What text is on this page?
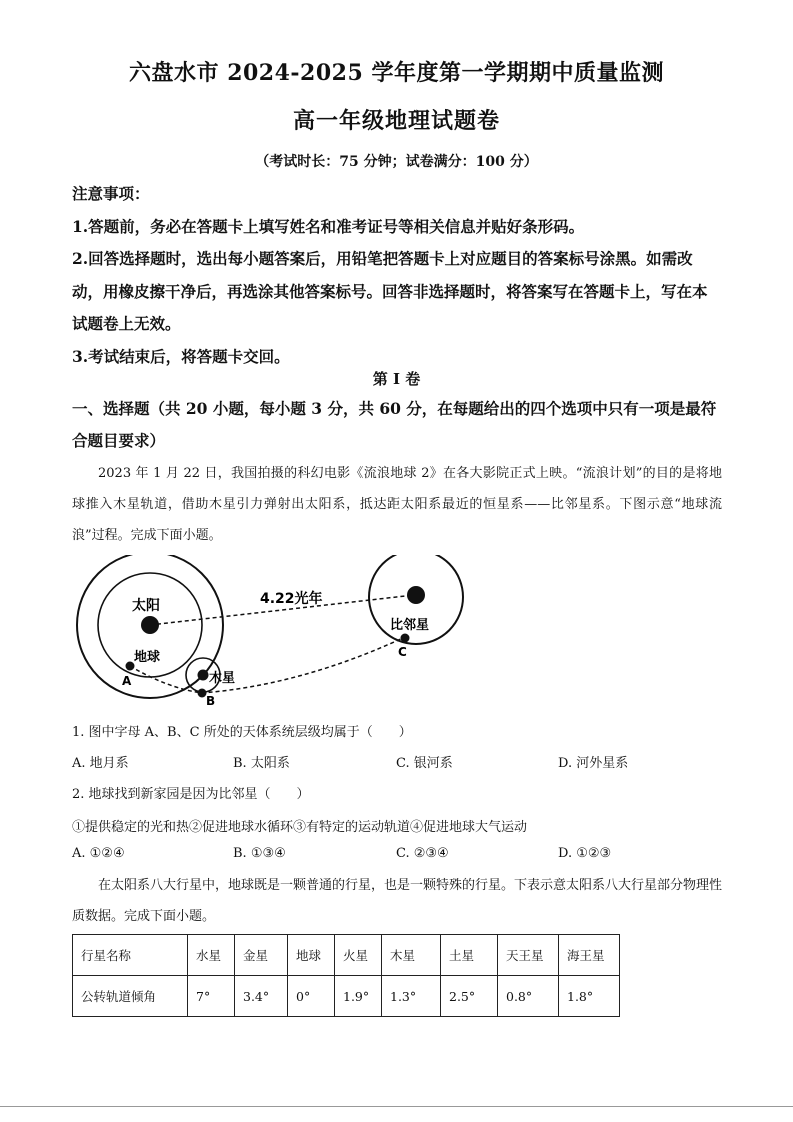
六盘水市 2024-2025 学年度第一学期期中质量监测
高一年级地理试题卷
（考试时长：75 分钟；试卷满分：100 分）

注意事项：

1.答题前，务必在答题卡上填写姓名和准考证号等相关信息并贴好条形码。

2.回答选择题时，选出每小题答案后，用铅笔把答题卡上对应题目的答案标号涂黑。如需改动，用橡皮擦干净后，再选涂其他答案标号。回答非选择题时，将答案写在答题卡上，写在本试题卷上无效。

3.考试结束后，将答题卡交回。

第 I 卷
一、选择题（共 20 小题，每小题 3 分，共 60 分，在每题给出的四个选项中只有一项是最符合题目要求）
2023 年 1 月 22 日，我国拍摄的科幻电影《流浪地球 2》在各大影院正式上映。“流浪计划”的目的是将地球推入木星轨道，借助木星引力弹射出太阳系，抵达距太阳系最近的恒星系——比邻星系。下图示意“地球流浪”过程。完成下面小题。
太阳
地球
木星
4.22光年
比邻星
A
B
C
1. 图中字母 A、B、C 所处的天体系统层级均属于（　　）
A. 地月系	B. 太阳系	C. 银河系	D. 河外星系
2. 地球找到新家园是因为比邻星（　　）
①提供稳定的光和热②促进地球水循环③有特定的运动轨道④促进地球大气运动
A. ①②④	B. ①③④	C. ②③④	D. ①②③
在太阳系八大行星中，地球既是一颗普通的行星，也是一颗特殊的行星。下表示意太阳系八大行星部分物理性质数据。完成下面小题。
行星名称	水星	金星	地球	火星	木星	土星	天王星	海王星
公转轨道倾角	7°	3.4°	0°	1.9°	1.3°	2.5°	0.8°	1.8°
